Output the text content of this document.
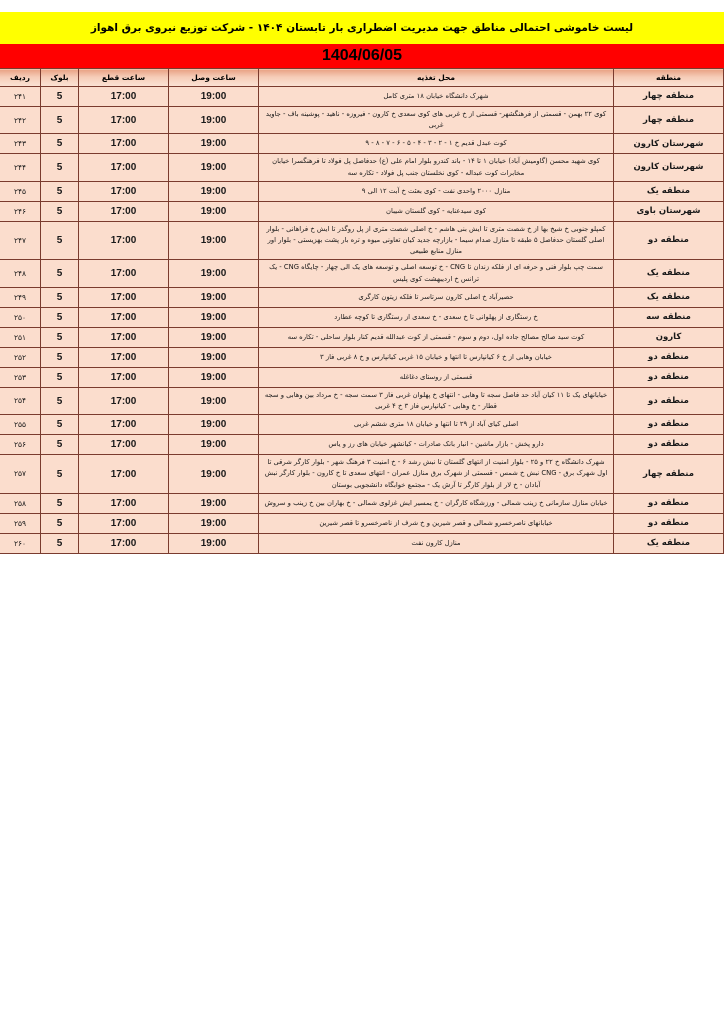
لیست خاموشی احتمالی مناطق جهت مدیریت اضطراری بار تابستان ۱۴۰۴ - شرکت توزیع نیروی برق اهواز
1404/06/05
منطقه	محل تغذیه	ساعت وصل	ساعت قطع	بلوک	ردیف
منطقه چهار	شهرک دانشگاه خیابان ۱۸ متری کامل	19:00	17:00	5	۲۴۱
منطقه چهار	کوی ۲۲ بهمن - قسمتی از فرهنگشهر- قسمتی از خ غربی های کوی سعدی خ کارون - فیروزه - ناهید - پوشینه باف - جاوید غربی	19:00	17:00	5	۲۴۲
شهرستان کارون	کوت عبدل قدیم خ ۱ - ۲ - ۳ - ۴ - ۵ - ۶ - ۷ - ۸ - ۹	19:00	17:00	5	۲۴۳
شهرستان کارون	کوی شهید محسن (گاومیش آباد) خیابان ۱ تا ۱۴ - باند کندرو بلوار امام علی (ع) حدفاصل پل فولاد تا فرهنگسرا خیابان مخابرات کوت عبداله - کوی نخلستان جنب پل فولاد - تکاره سه	19:00	17:00	5	۲۴۴
منطقه یک	منازل ۲۰۰۰ واحدی نفت - کوی بعثت خ آبت ۱۲ الی ۹	19:00	17:00	5	۲۴۵
شهرستان باوی	کوی سیدعنایه - کوی گلستان شیبان	19:00	17:00	5	۲۴۶
منطقه دو	کمپلو جنوبی خ شیخ بها از خ شصت متری تا ایش بنی هاشم - خ اصلی شصت متری از پل روگذر تا ایش خ فراهانی - بلوار اصلی گلستان حدفاصل ۵ طبقه تا منازل صدام سیما - بازارچه جدید کیان تعاونی میوه و تره بار پشت بهزیستی - بلوار اور منازل منابع طبیعی	19:00	17:00	5	۲۴۷
منطقه یک	سمت چپ بلوار فنی و حرفه ای از فلکه زندان تا CNG - خ توسعه اصلی و توسعه های یک الی چهار - چایگاه CNG - یک ترانس خ اردیبهشت کوی پلیس	19:00	17:00	5	۲۴۸
منطقه یک	حصیرآباد خ اصلی کارون سرتاسر تا فلکه زیتون کارگری	19:00	17:00	5	۲۴۹
منطقه سه	خ رستگاری از پهلوانی تا خ سعدی - خ سعدی از رستگاری تا کوچه عطارد	19:00	17:00	5	۲۵۰
کارون	کوت سید صالح مصالح جاده اول، دوم و سوم - قسمتی از کوت عبدالله قدیم کنار بلوار ساحلی - تکاره سه	19:00	17:00	5	۲۵۱
منطقه دو	خیابان وهابی از خ ۶ کیانپارس تا انتها و خیابان ۱۵ غربی کیانپارس و خ ۸ غربی فاز ۳	19:00	17:00	5	۲۵۲
منطقه دو	قسمتی از روستای دغاغله	19:00	17:00	5	۲۵۳
منطقه دو	خیابانهای یک تا ۱۱ کیان آباد حد فاصل سجه تا وهابی - انتهای خ پهلوان غربی فاز ۳ سمت سجه - خ مرداد بین وهابی و سجه قطار - خ وهابی - کیانپارس فاز ۳ خ ۴ غربی	19:00	17:00	5	۲۵۴
منطقه دو	اصلی کیای آباد از ۲۹ تا انتها و خیابان ۱۸ متری ششم غربی	19:00	17:00	5	۲۵۵
منطقه دو	دارو پخش - بازار ماشین - انبار بانک صادرات - کیانشهر خیابان های رز و یاس	19:00	17:00	5	۲۵۶
منطقه چهار	شهرک دانشگاه خ ۲۲ و ۲۵ - بلوار امنیت از انتهای گلستان تا نبش رشد ۶ - خ امنیت ۳ فرهنگ شهر - بلوار کارگر شرقی تا اول شهرک برق - CNG نبش خ شمس - قسمتی از شهرک برق منازل عمران - انتهای سعدی تا خ کارون - بلوار کارگر نبش آبادان - خ لار از بلوار کارگر تا آرش یک - مجتمع خوابگاه دانشجویی بوستان	19:00	17:00	5	۲۵۷
منطقه دو	خیابان منازل سازمانی خ زینب شمالی - ورزشگاه کارگران - خ یمسیر ایش غزلوی شمالی - خ بهاران بین خ زینب و سروش	19:00	17:00	5	۲۵۸
منطقه دو	خیابانهای ناصرخسرو شمالی و قصر شیرین و خ شرف از ناصرخسرو تا قصر شیرین	19:00	17:00	5	۲۵۹
منطقه یک	منازل کارون نفت	19:00	17:00	5	۲۶۰
